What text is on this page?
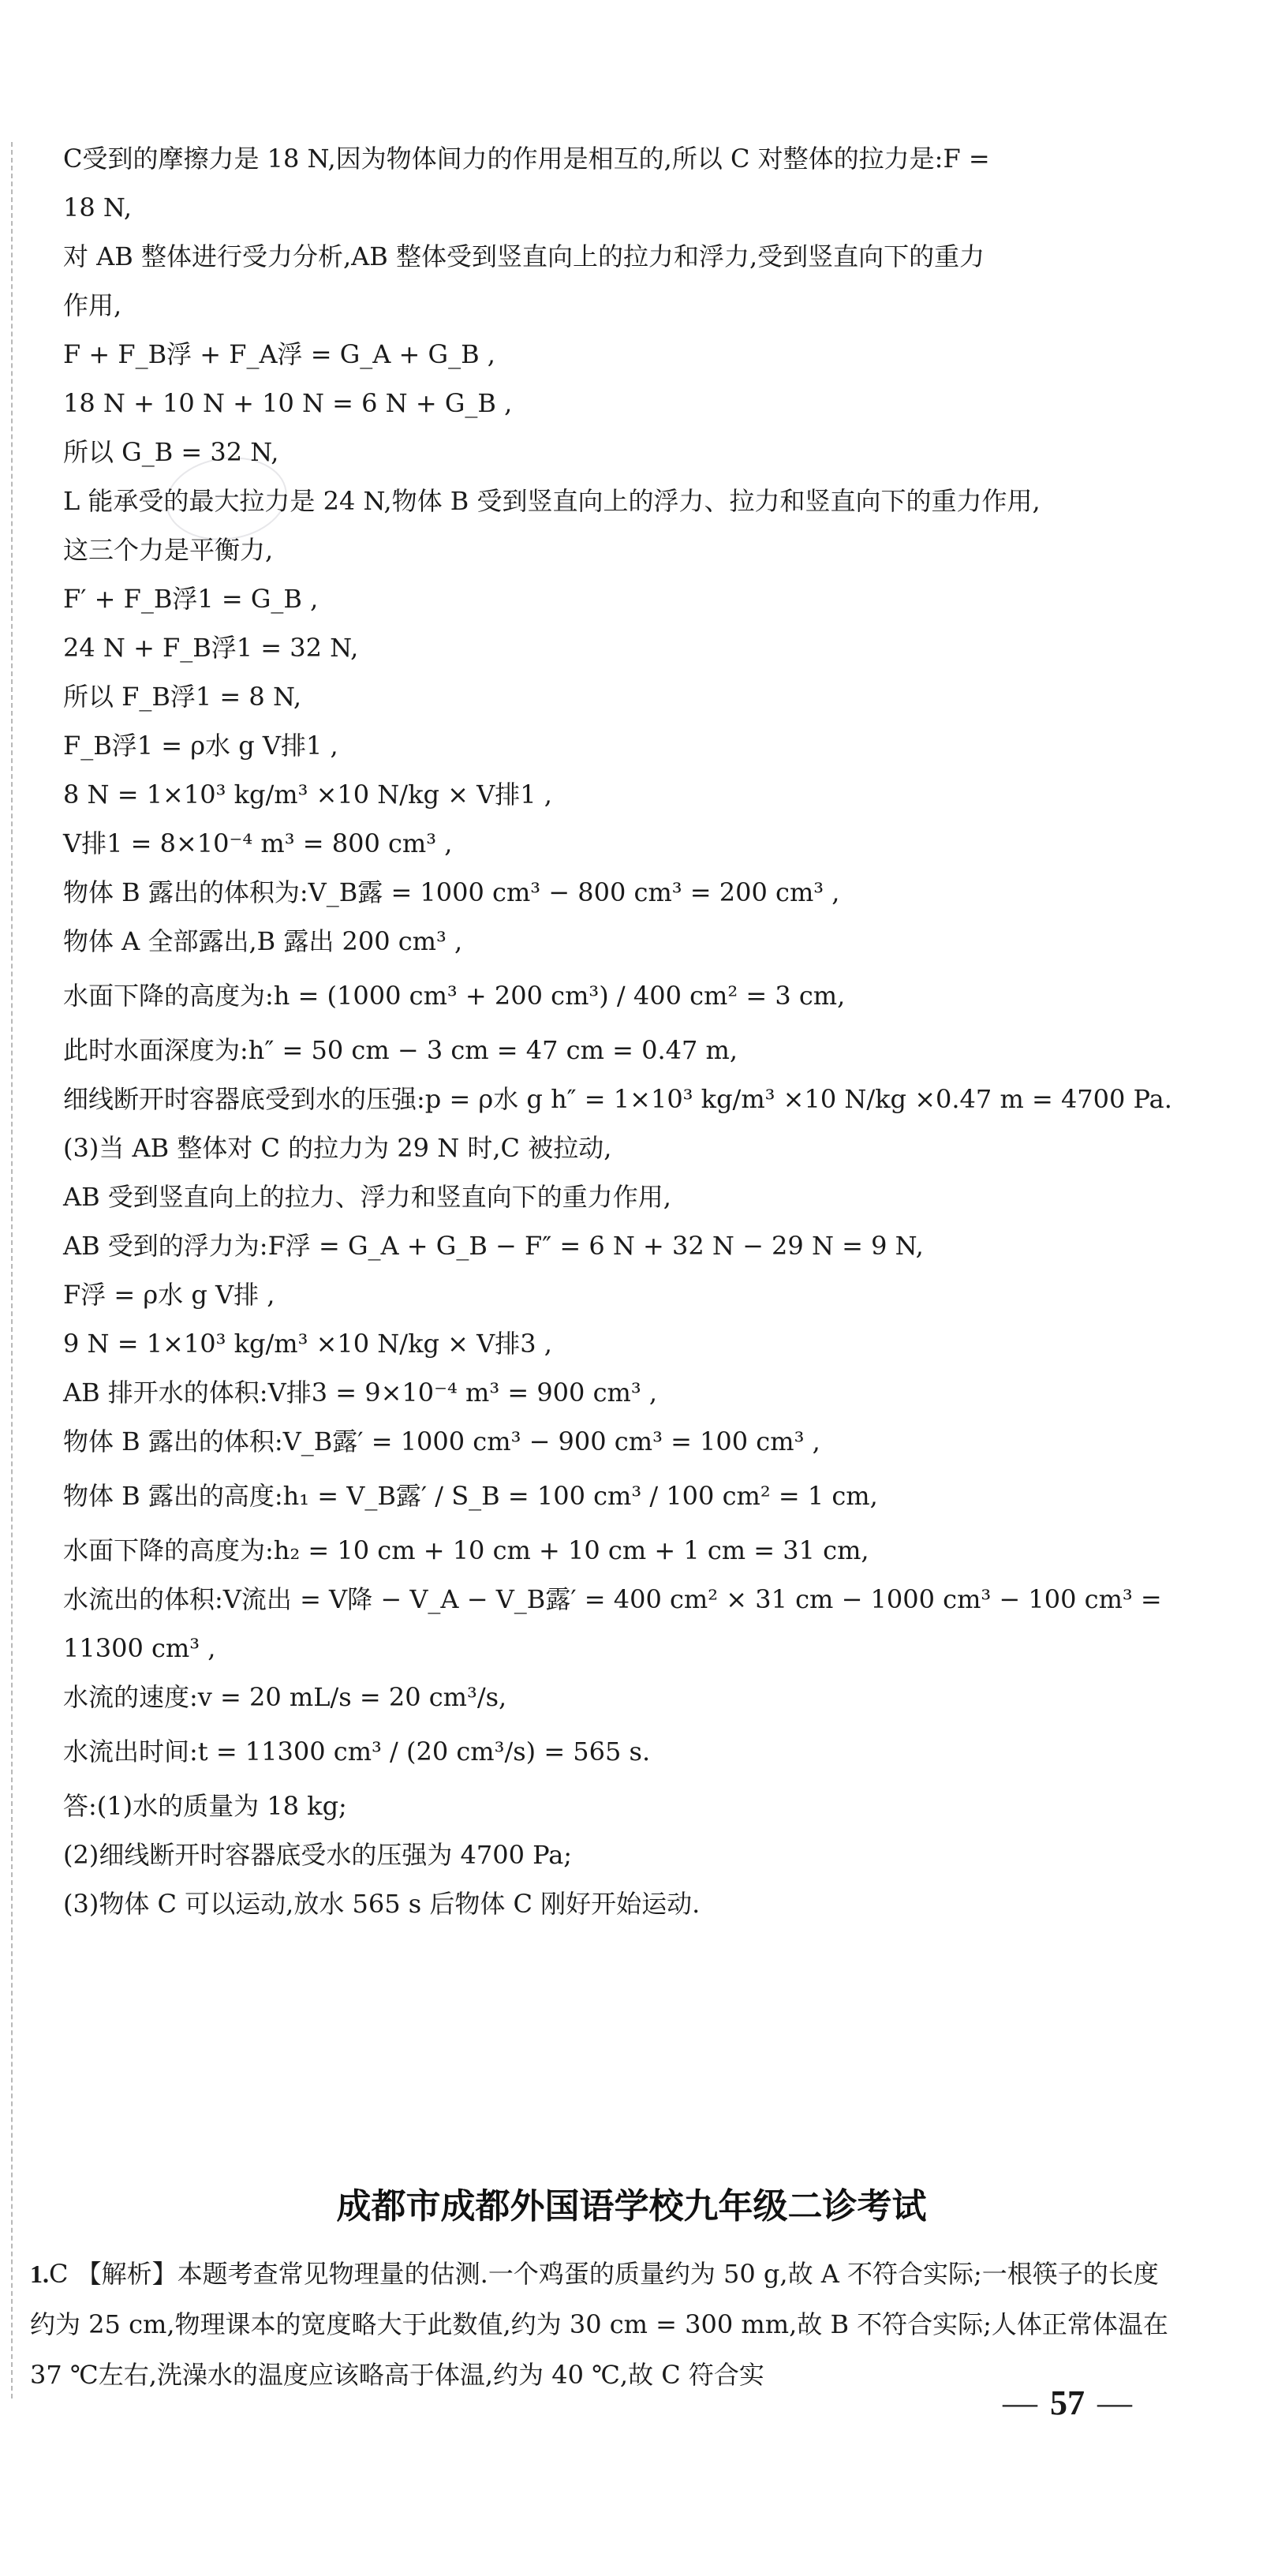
C受到的摩擦力是 18 N,因为物体间力的作用是相互的,所以 C 对整体的拉力是:F =
18 N,
对 AB 整体进行受力分析,AB 整体受到竖直向上的拉力和浮力,受到竖直向下的重力
作用,
F + F_B浮 + F_A浮 = G_A + G_B ,
18 N + 10 N + 10 N = 6 N + G_B ,
所以 G_B = 32 N,
L 能承受的最大拉力是 24 N,物体 B 受到竖直向上的浮力、拉力和竖直向下的重力作用,
这三个力是平衡力,
F′ + F_B浮1 = G_B ,
24 N + F_B浮1 = 32 N,
所以 F_B浮1 = 8 N,
F_B浮1 = ρ水 g V排1 ,
8 N = 1×10³ kg/m³ ×10 N/kg × V排1 ,
V排1 = 8×10⁻⁴ m³ = 800 cm³ ,
物体 B 露出的体积为:V_B露 = 1000 cm³ − 800 cm³ = 200 cm³ ,
物体 A 全部露出,B 露出 200 cm³ ,
水面下降的高度为:h = (1000 cm³ + 200 cm³) / 400 cm² = 3 cm,
此时水面深度为:h″ = 50 cm − 3 cm = 47 cm = 0.47 m,
细线断开时容器底受到水的压强:p = ρ水 g h″ = 1×10³ kg/m³ ×10 N/kg ×0.47 m = 4700 Pa.
(3)当 AB 整体对 C 的拉力为 29 N 时,C 被拉动,
AB 受到竖直向上的拉力、浮力和竖直向下的重力作用,
AB 受到的浮力为:F浮 = G_A + G_B − F″ = 6 N + 32 N − 29 N = 9 N,
F浮 = ρ水 g V排 ,
9 N = 1×10³ kg/m³ ×10 N/kg × V排3 ,
AB 排开水的体积:V排3 = 9×10⁻⁴ m³ = 900 cm³ ,
物体 B 露出的体积:V_B露′ = 1000 cm³ − 900 cm³ = 100 cm³ ,
物体 B 露出的高度:h₁ = V_B露′ / S_B = 100 cm³ / 100 cm² = 1 cm,
水面下降的高度为:h₂ = 10 cm + 10 cm + 10 cm + 1 cm = 31 cm,
水流出的体积:V流出 = V降 − V_A − V_B露′ = 400 cm² × 31 cm − 1000 cm³ − 100 cm³ =
11300 cm³ ,
水流的速度:v = 20 mL/s = 20 cm³/s,
水流出时间:t = 11300 cm³ / (20 cm³/s) = 565 s.
答:(1)水的质量为 18 kg;
(2)细线断开时容器底受水的压强为 4700 Pa;
(3)物体 C 可以运动,放水 565 s 后物体 C 刚好开始运动.
成都市成都外国语学校九年级二诊考试
1.C 【解析】本题考查常见物理量的估测.一个鸡蛋的质量约为 50 g,故 A 不符合实际;一根筷子的长度约为 25 cm,物理课本的宽度略大于此数值,约为 30 cm = 300 mm,故 B 不符合实际;人体正常体温在 37 ℃左右,洗澡水的温度应该略高于体温,约为 40 ℃,故 C 符合实
— 57 —
